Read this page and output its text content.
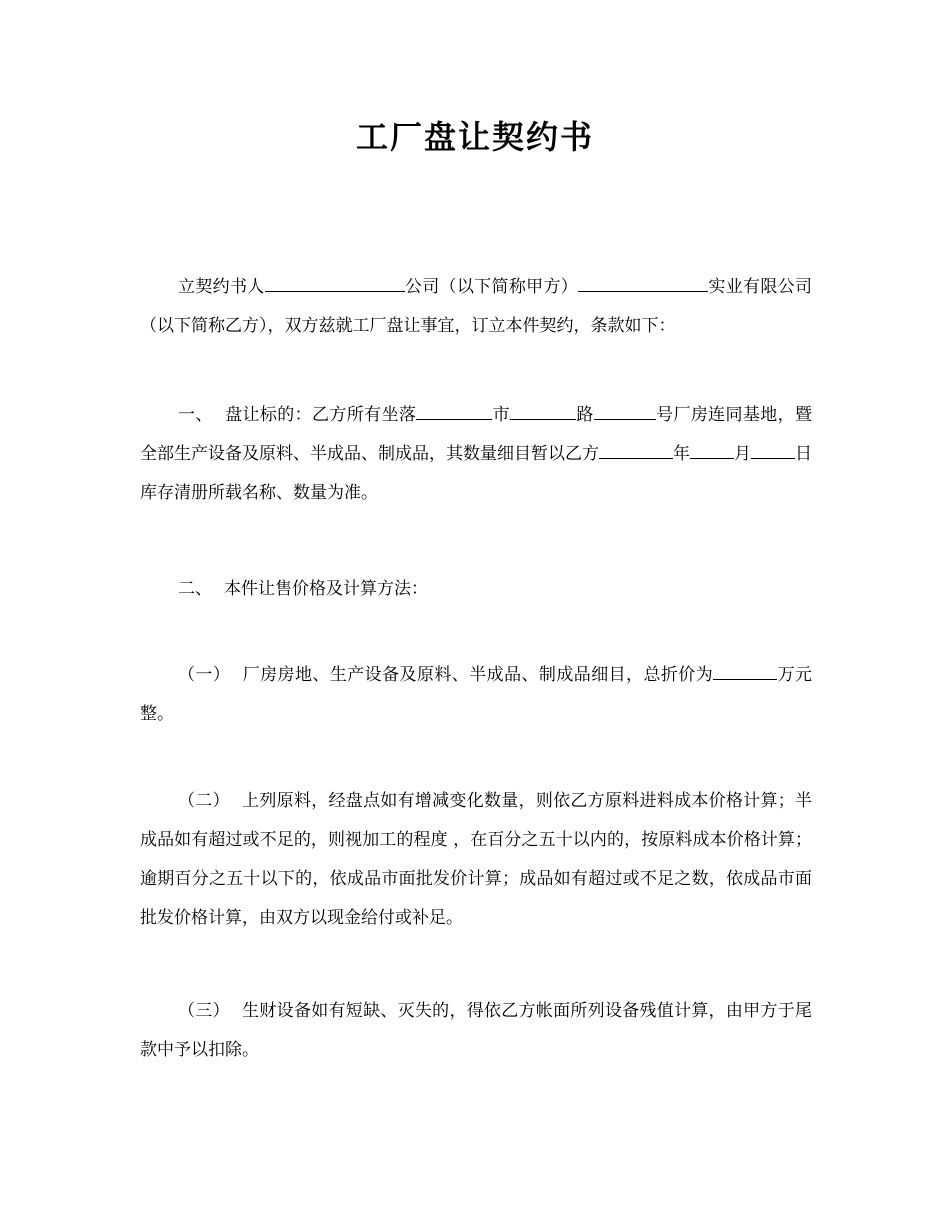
工厂盘让契约书

立契约书人	公司（以下简称甲方）	实业有限公司（以下简称乙方），双方兹就工厂盘让事宜，订立本件契约，条款如下：

一、 盘让标的：乙方所有坐落	市	路	号厂房连同基地，暨全部生产设备及原料、半成品、制成品，其数量细目暂以乙方	年	月	日库存清册所载名称、数量为准。

二、 本件让售价格及计算方法：

（一） 厂房房地、生产设备及原料、半成品、制成品细目，总折价为	万元整。

（二） 上列原料，经盘点如有增减变化数量，则依乙方原料进料成本价格计算；半成品如有超过或不足的，则视加工的程度 ，在百分之五十以内的，按原料成本价格计算；逾期百分之五十以下的，依成品市面批发价计算；成品如有超过或不足之数，依成品市面批发价格计算，由双方以现金给付或补足。

（三） 生财设备如有短缺、灭失的，得依乙方帐面所列设备残值计算，由甲方于尾款中予以扣除。
